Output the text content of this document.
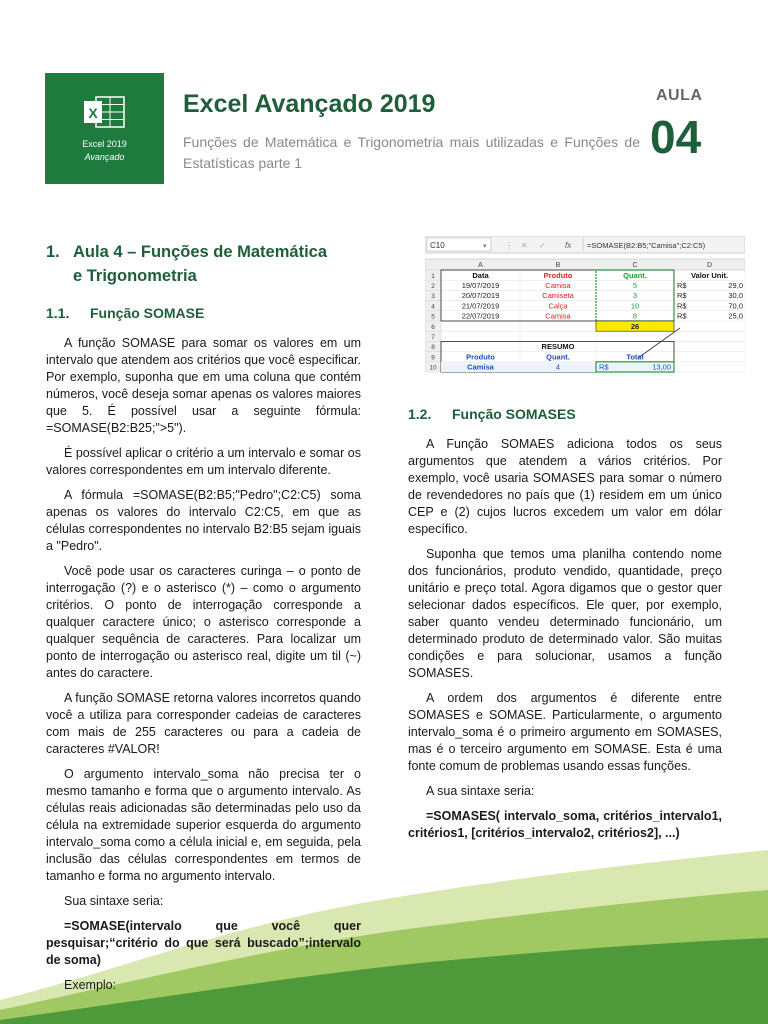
X
Excel 2019
Avançado
Excel Avançado 2019
Funções de Matemática e Trigonometria mais utilizadas e Funções de Estatísticas parte 1
AULA
04
1. Aula 4 – Funções de Matemática
e Trigonometria
1.1. Função SOMASE

A função SOMASE para somar os valores em um intervalo que atendem aos critérios que você especificar. Por exemplo, suponha que em uma coluna que contém números, você deseja somar apenas os valores maiores que 5. É possível usar a seguinte fórmula: =SOMASE(B2:B25;">5").

É possível aplicar o critério a um intervalo e somar os valores correspondentes em um intervalo diferente.

A fórmula =SOMASE(B2:B5;"Pedro";C2:C5) soma apenas os valores do intervalo C2:C5, em que as células correspondentes no intervalo B2:B5 sejam iguais a "Pedro".

Você pode usar os caracteres curinga – o ponto de interrogação (?) e o asterisco (*) – como o argumento critérios. O ponto de interrogação corresponde a qualquer caractere único; o asterisco corresponde a qualquer sequência de caracteres. Para localizar um ponto de interrogação ou asterisco real, digite um til (~) antes do caractere.

A função SOMASE retorna valores incorretos quando você a utiliza para corresponder cadeias de caracteres com mais de 255 caracteres ou para a cadeia de caracteres #VALOR!

O argumento intervalo_soma não precisa ter o mesmo tamanho e forma que o argumento intervalo. As células reais adicionadas são determinadas pelo uso da célula na extremidade superior esquerda do argumento intervalo_soma como a célula inicial e, em seguida, pela inclusão das células correspondentes em termos de tamanho e forma no argumento intervalo.

Sua sintaxe seria:

=SOMASE(intervalo que você quer pesquisar;“critério do que será buscado”;intervalo de soma)

Exemplo:

C10	▾ ⋮ ✕ ✓ fx =SOMASE(B2:B5;"Camisa";C2:C5)
A	B	C	D
1
2
3
4
5
6
7
8
9
10
Data	Produto	Quant.	Valor Unit.
19/07/2019	Camisa	5	R$	29,0
20/07/2019	Camiseta	3	R$	30,0
21/07/2019	Calça	10	R$	70,0
22/07/2019	Camisa	8	R$	25,0
26
RESUMO
Produto	Quant.	Total
Camisa	4	R$	13,00
1.2. Função SOMASES

A Função SOMAES adiciona todos os seus argumentos que atendem a vários critérios. Por exemplo, você usaria SOMASES para somar o número de revendedores no país que (1) residem em um único CEP e (2) cujos lucros excedem um valor em dólar específico.

Suponha que temos uma planilha contendo nome dos funcionários, produto vendido, quantidade, preço unitário e preço total. Agora digamos que o gestor quer selecionar dados específicos. Ele quer, por exemplo, saber quanto vendeu determinado funcionário, um determinado produto de determinado valor. São muitas condições e para solucionar, usamos a função SOMASES.

A ordem dos argumentos é diferente entre SOMASES e SOMASE. Particularmente, o argumento intervalo_soma é o primeiro argumento em SOMASES, mas é o terceiro argumento em SOMASE. Esta é uma fonte comum de problemas usando essas funções.

A sua sintaxe seria:

=SOMASES( intervalo_soma, critérios_intervalo1, critérios1, [critérios_intervalo2, critérios2], ...)
